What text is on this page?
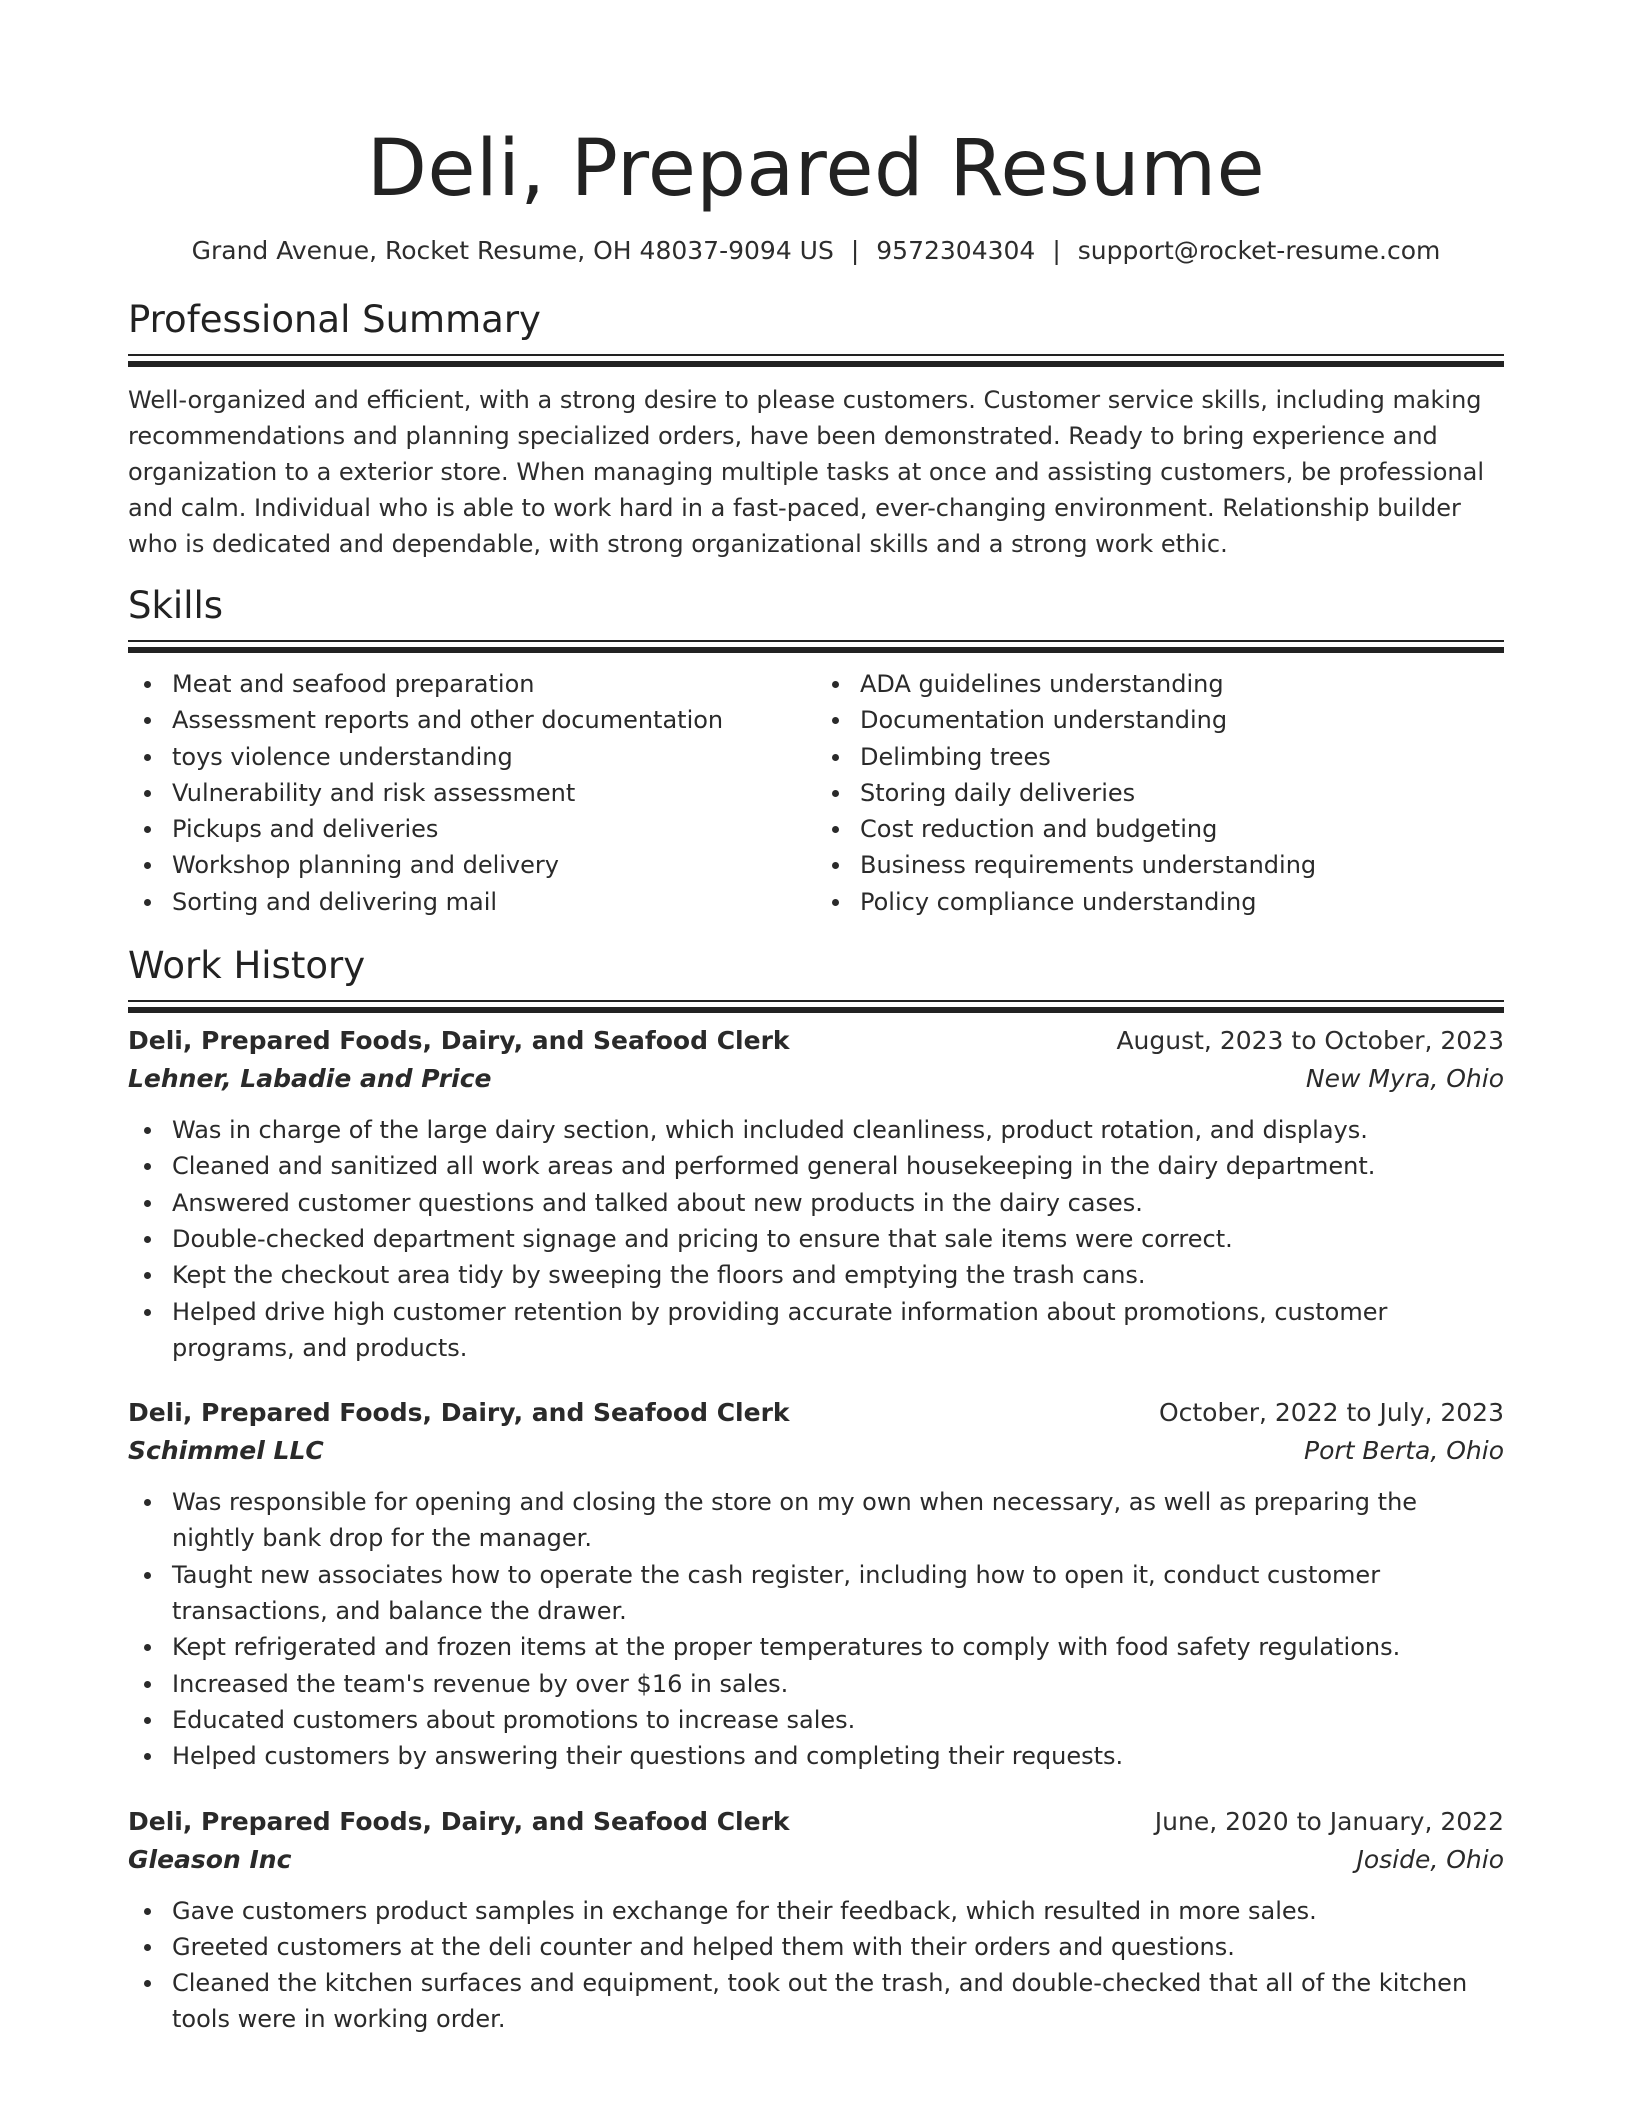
Deli, Prepared Resume
Grand Avenue, Rocket Resume, OH 48037-9094 US | 9572304304 | support@rocket-resume.com
Professional Summary
Well-organized and efficient, with a strong desire to please customers. Customer service skills, including making recommendations and planning specialized orders, have been demonstrated. Ready to bring experience and organization to a exterior store. When managing multiple tasks at once and assisting customers, be professional and calm. Individual who is able to work hard in a fast-paced, ever-changing environment. Relationship builder who is dedicated and dependable, with strong organizational skills and a strong work ethic.
Skills
Meat and seafood preparation
Assessment reports and other documentation
toys violence understanding
Vulnerability and risk assessment
Pickups and deliveries
Workshop planning and delivery
Sorting and delivering mail
ADA guidelines understanding
Documentation understanding
Delimbing trees
Storing daily deliveries
Cost reduction and budgeting
Business requirements understanding
Policy compliance understanding
Work History
Deli, Prepared Foods, Dairy, and Seafood Clerk	August, 2023 to October, 2023
Lehner, Labadie and Price	New Myra, Ohio
Was in charge of the large dairy section, which included cleanliness, product rotation, and displays.
Cleaned and sanitized all work areas and performed general housekeeping in the dairy department.
Answered customer questions and talked about new products in the dairy cases.
Double-checked department signage and pricing to ensure that sale items were correct.
Kept the checkout area tidy by sweeping the floors and emptying the trash cans.
Helped drive high customer retention by providing accurate information about promotions, customer programs, and products.
Deli, Prepared Foods, Dairy, and Seafood Clerk	October, 2022 to July, 2023
Schimmel LLC	Port Berta, Ohio
Was responsible for opening and closing the store on my own when necessary, as well as preparing the nightly bank drop for the manager.
Taught new associates how to operate the cash register, including how to open it, conduct customer transactions, and balance the drawer.
Kept refrigerated and frozen items at the proper temperatures to comply with food safety regulations.
Increased the team's revenue by over $16 in sales.
Educated customers about promotions to increase sales.
Helped customers by answering their questions and completing their requests.
Deli, Prepared Foods, Dairy, and Seafood Clerk	June, 2020 to January, 2022
Gleason Inc	Joside, Ohio
Gave customers product samples in exchange for their feedback, which resulted in more sales.
Greeted customers at the deli counter and helped them with their orders and questions.
Cleaned the kitchen surfaces and equipment, took out the trash, and double-checked that all of the kitchen tools were in working order.
